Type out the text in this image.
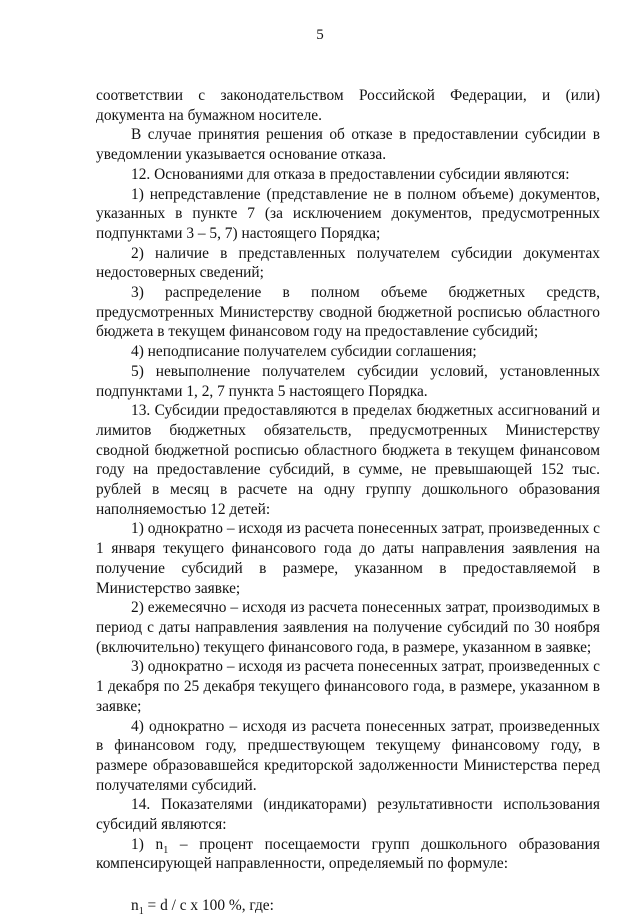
5

соответствии с законодательством Российской Федерации, и (или) документа на бумажном носителе.

В случае принятия решения об отказе в предоставлении субсидии в уведомлении указывается основание отказа.

12. Основаниями для отказа в предоставлении субсидии являются:

1) непредставление (представление не в полном объеме) документов, указанных в пункте 7 (за исключением документов, предусмотренных подпунктами 3 – 5, 7) настоящего Порядка;

2) наличие в представленных получателем субсидии документах недостоверных сведений;

3) распределение в полном объеме бюджетных средств, предусмотренных Министерству сводной бюджетной росписью областного бюджета в текущем финансовом году на предоставление субсидий;

4) неподписание получателем субсидии соглашения;

5) невыполнение получателем субсидии условий, установленных подпунктами 1, 2, 7 пункта 5 настоящего Порядка.

13. Субсидии предоставляются в пределах бюджетных ассигнований и лимитов бюджетных обязательств, предусмотренных Министерству сводной бюджетной росписью областного бюджета в текущем финансовом году на предоставление субсидий, в сумме, не превышающей 152 тыс. рублей в месяц в расчете на одну группу дошкольного образования наполняемостью 12 детей:

1) однократно – исходя из расчета понесенных затрат, произведенных с 1 января текущего финансового года до даты направления заявления на получение субсидий в размере, указанном в предоставляемой в Министерство заявке;

2) ежемесячно – исходя из расчета понесенных затрат, производимых в период с даты направления заявления на получение субсидий по 30 ноября (включительно) текущего финансового года, в размере, указанном в заявке;

3) однократно – исходя из расчета понесенных затрат, произведенных с 1 декабря по 25 декабря текущего финансового года, в размере, указанном в заявке;

4) однократно – исходя из расчета понесенных затрат, произведенных в финансовом году, предшествующем текущему финансовому году, в размере образовавшейся кредиторской задолженности Министерства перед получателями субсидий.

14. Показателями (индикаторами) результативности использования субсидий являются:

1) $n_1$ – процент посещаемости групп дошкольного образования компенсирующей направленности, определяемый по формуле:

$n_1 = d / c$ x 100 %, где:
